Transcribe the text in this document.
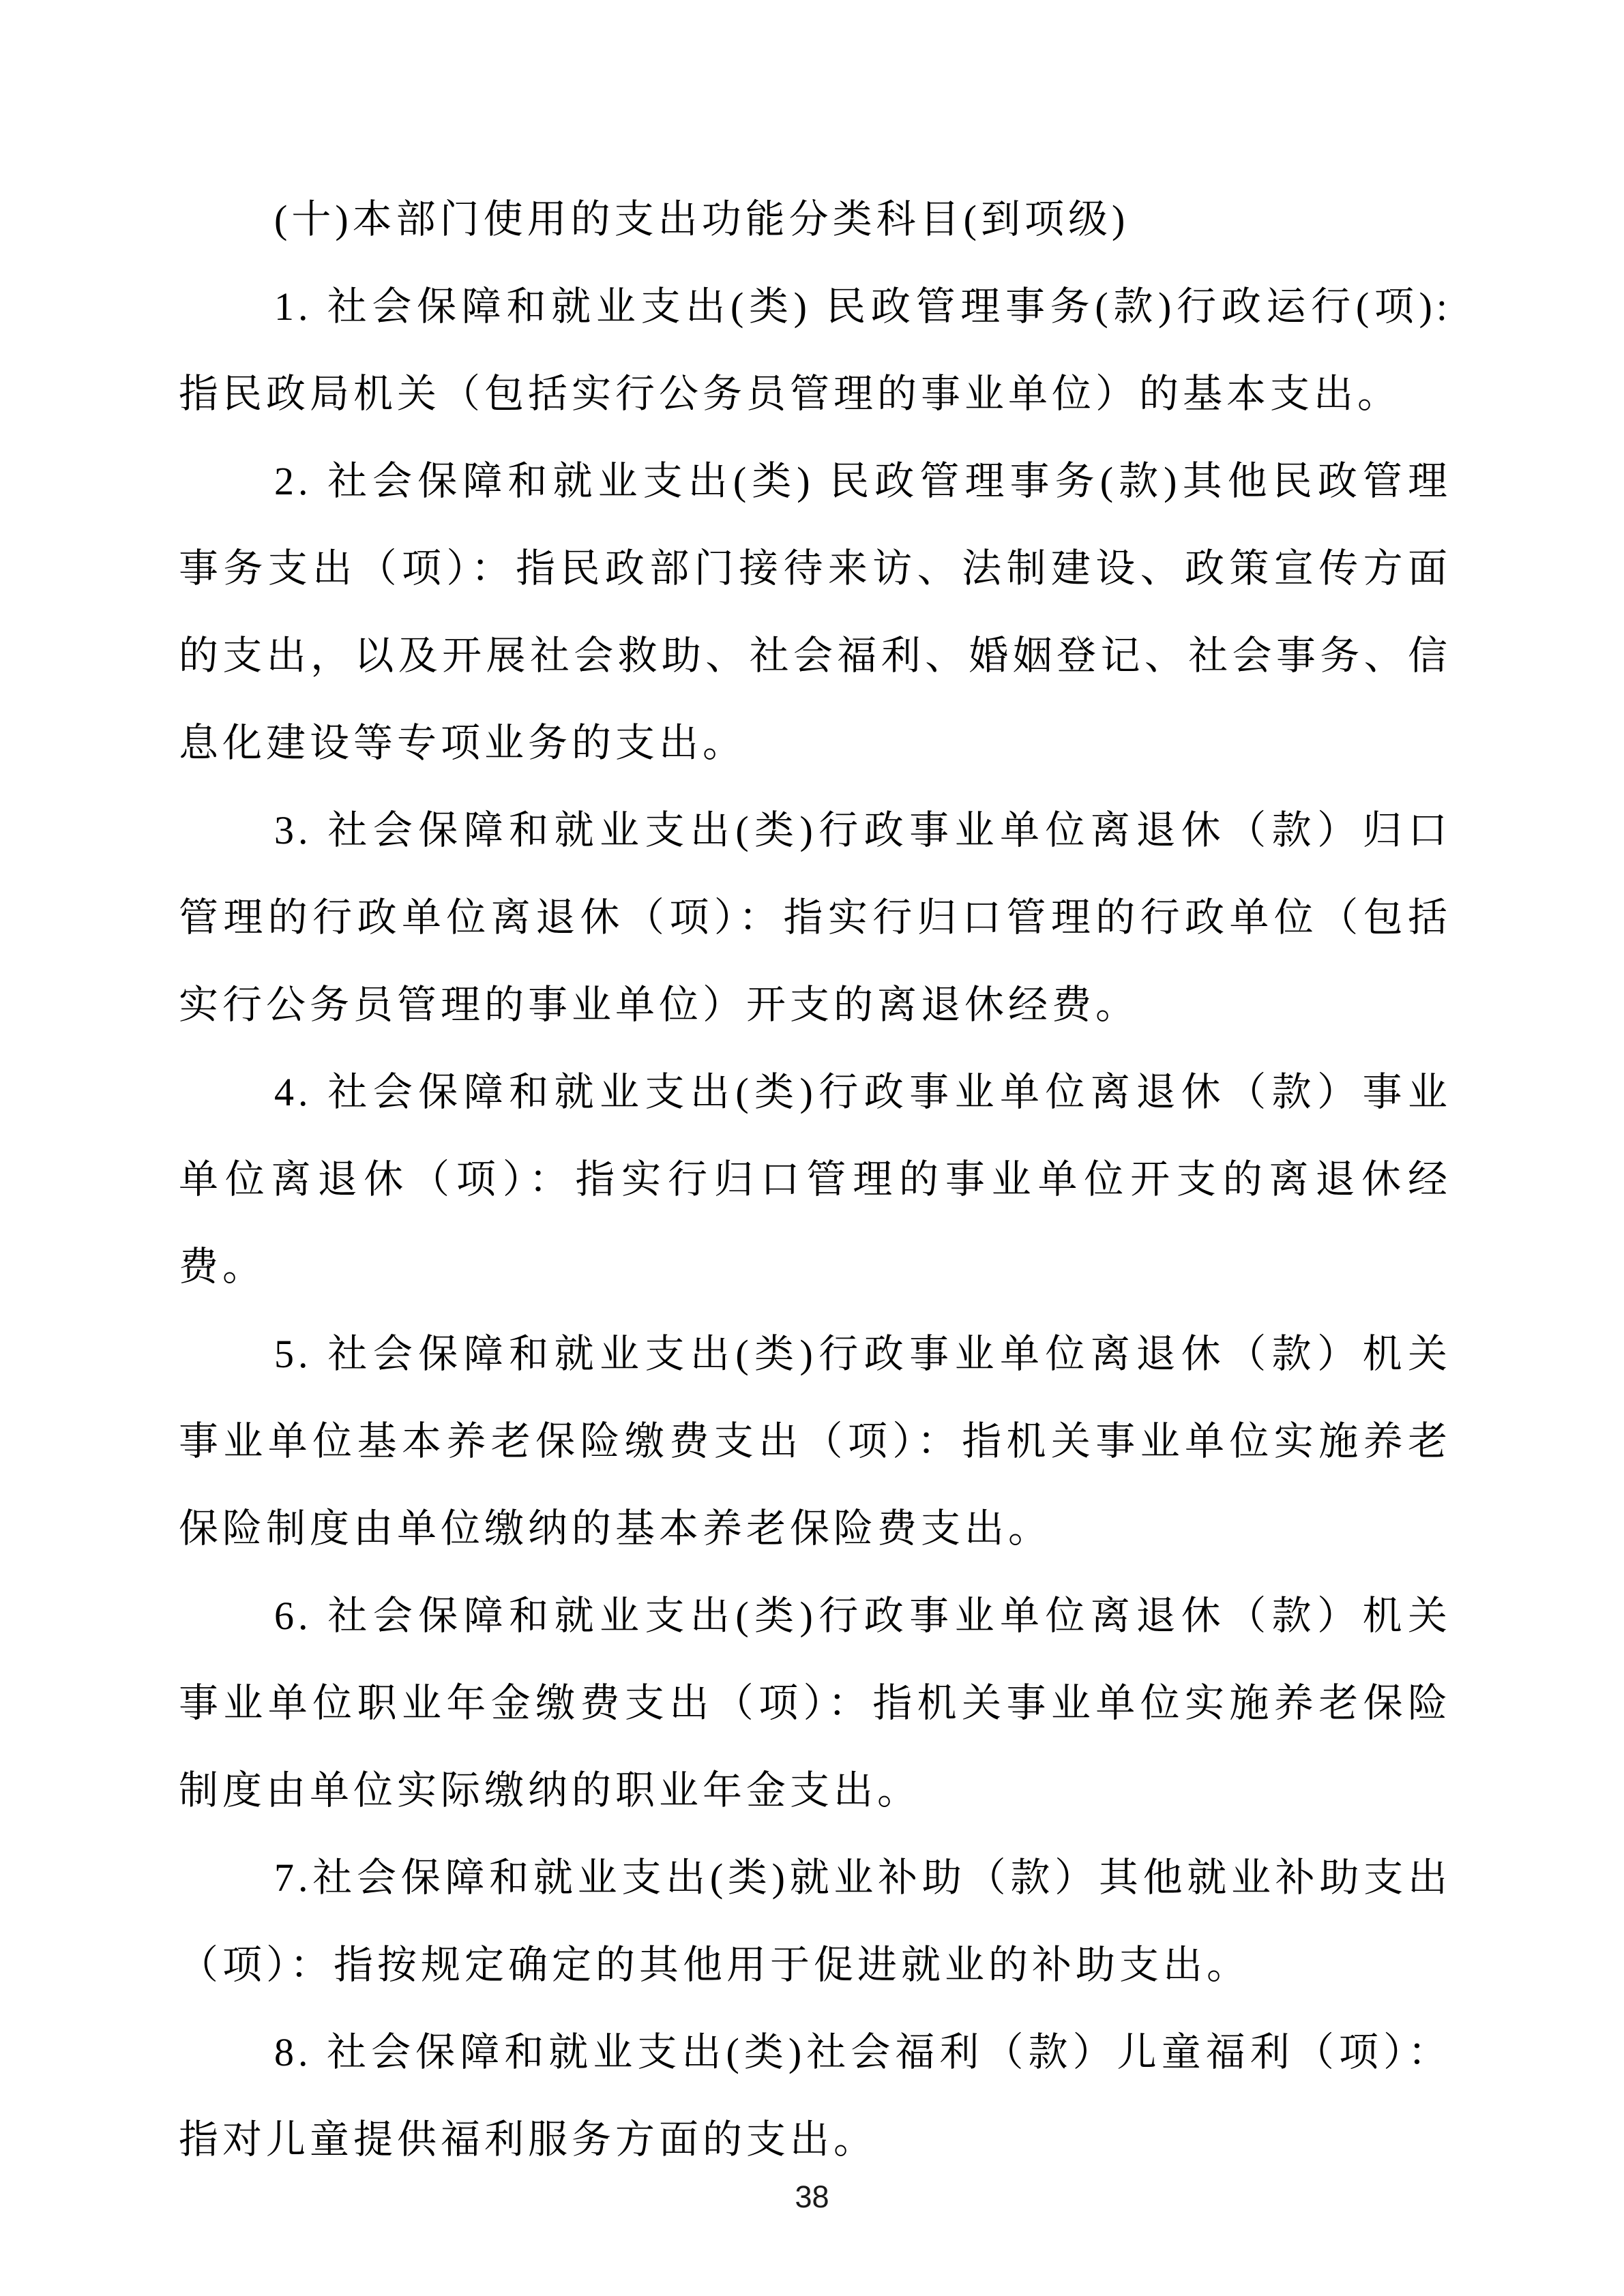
(十)本部门使用的支出功能分类科目(到项级)

1. 社会保障和就业支出(类) 民政管理事务(款)行政运行(项): 指民政局机关（包括实行公务员管理的事业单位）的基本支出。

2. 社会保障和就业支出(类) 民政管理事务(款)其他民政管理事务支出（项）：指民政部门接待来访、法制建设、政策宣传方面的支出，以及开展社会救助、社会福利、婚姻登记、社会事务、信息化建设等专项业务的支出。

3. 社会保障和就业支出(类)行政事业单位离退休（款）归口管理的行政单位离退休（项）：指实行归口管理的行政单位（包括实行公务员管理的事业单位）开支的离退休经费。

4. 社会保障和就业支出(类)行政事业单位离退休（款）事业单位离退休（项）：指实行归口管理的事业单位开支的离退休经费。

5. 社会保障和就业支出(类)行政事业单位离退休（款）机关事业单位基本养老保险缴费支出（项）：指机关事业单位实施养老保险制度由单位缴纳的基本养老保险费支出。

6. 社会保障和就业支出(类)行政事业单位离退休（款）机关事业单位职业年金缴费支出（项）：指机关事业单位实施养老保险制度由单位实际缴纳的职业年金支出。

7.社会保障和就业支出(类)就业补助（款）其他就业补助支出（项）：指按规定确定的其他用于促进就业的补助支出。

8. 社会保障和就业支出(类)社会福利（款）儿童福利（项）：指对儿童提供福利服务方面的支出。

38
